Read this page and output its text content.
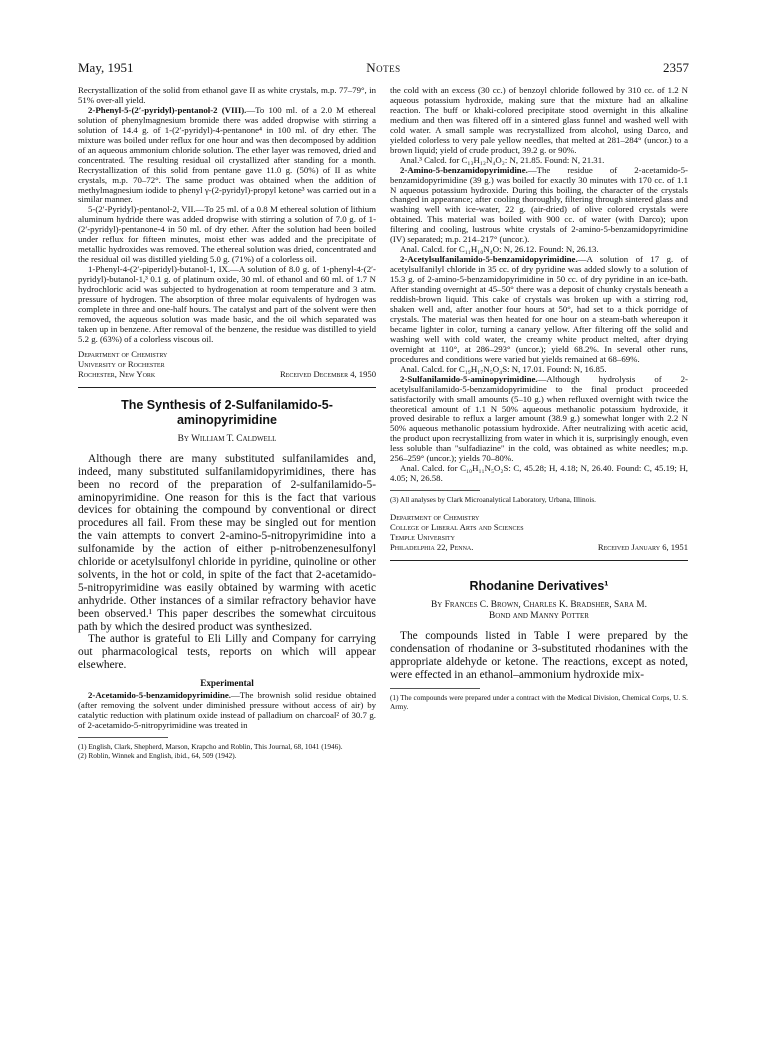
May, 1951	Notes	2357

Recrystallization of the solid from ethanol gave II as white crystals, m.p. 77–79°, in 51% over-all yield.

2-Phenyl-5-(2′-pyridyl)-pentanol-2 (VIII).—To 100 ml. of a 2.0 M ethereal solution of phenylmagnesium bromide there was added dropwise with stirring a solution of 14.4 g. of 1-(2′-pyridyl)-4-pentanone⁴ in 100 ml. of dry ether. The mixture was boiled under reflux for one hour and was then decomposed by addition of an aqueous ammonium chloride solution. The ether layer was removed, dried and concentrated. The resulting residual oil crystallized after standing for a month. Recrystallization of this solid from pentane gave 11.0 g. (50%) of II as white crystals, m.p. 70–72°. The same product was obtained when the addition of methylmagnesium iodide to phenyl γ-(2-pyridyl)-propyl ketone³ was carried out in a similar manner.

5-(2′-Pyridyl)-pentanol-2, VII.—To 25 ml. of a 0.8 M ethereal solution of lithium aluminum hydride there was added dropwise with stirring a solution of 7.0 g. of 1-(2′-pyridyl)-pentanone-4 in 50 ml. of dry ether. After the solution had been boiled under reflux for fifteen minutes, moist ether was added and the precipitate of metallic hydroxides was removed. The ethereal solution was dried, concentrated and the residual oil was distilled yielding 5.0 g. (71%) of a colorless oil.

1-Phenyl-4-(2′-piperidyl)-butanol-1, IX.—A solution of 8.0 g. of 1-phenyl-4-(2′-pyridyl)-butanol-1,³ 0.1 g. of platinum oxide, 30 ml. of ethanol and 60 ml. of 1.7 N hydrochloric acid was subjected to hydrogenation at room temperature and 3 atm. pressure of hydrogen. The absorption of three molar equivalents of hydrogen was complete in three and one-half hours. The catalyst and part of the solvent were then removed, the aqueous solution was made basic, and the oil which separated was taken up in benzene. After removal of the benzene, the residue was distilled to yield 5.2 g. (63%) of a colorless viscous oil.

Department of Chemistry

University of Rochester

Rochester, New York	Received December 4, 1950
The Synthesis of 2-Sulfanilamido-5-aminopyrimidine
By William T. Caldwell

Although there are many substituted sulfanilamides and, indeed, many substituted sulfanilamidopyrimidines, there has been no record of the preparation of 2-sulfanilamido-5-aminopyrimidine. One reason for this is the fact that various devices for obtaining the compound by conventional or direct procedures all fail. From these may be singled out for mention the vain attempts to convert 2-amino-5-nitropyrimidine into a sulfonamide by the action of either p-nitrobenzenesulfonyl chloride or acetylsulfonyl chloride in pyridine, quinoline or other solvents, in the hot or cold, in spite of the fact that 2-acetamido-5-nitropyrimidine was easily obtained by warming with acetic anhydride. Other instances of a similar refractory behavior have been observed.¹ This paper describes the somewhat circuitous path by which the desired product was synthesized.

The author is grateful to Eli Lilly and Company for carrying out pharmacological tests, reports on which will appear elsewhere.

Experimental

2-Acetamido-5-benzamidopyrimidine.—The brownish solid residue obtained (after removing the solvent under diminished pressure without access of air) by catalytic reduction with platinum oxide instead of palladium on charcoal² of 30.7 g. of 2-acetamido-5-nitropyrimidine was treated in

(1) English, Clark, Shepherd, Marson, Krapcho and Roblin, This Journal, 68, 1041 (1946).

(2) Roblin, Winnek and English, ibid., 64, 509 (1942).

the cold with an excess (30 cc.) of benzoyl chloride followed by 310 cc. of 1.2 N aqueous potassium hydroxide, making sure that the mixture had an alkaline reaction. The buff or khaki-colored precipitate stood overnight in this alkaline medium and then was filtered off in a sintered glass funnel and washed well with cold water. A small sample was recrystallized from alcohol, using Darco, and yielded colorless to very pale yellow needles, that melted at 281–284° (uncor.) to a brown liquid; yield of crude product, 39.2 g. or 90%.

Anal.³ Calcd. for C₁₃H₁₂N₄O₂: N, 21.85. Found: N, 21.31.

2-Amino-5-benzamidopyrimidine.—The residue of 2-acetamido-5-benzamidopyrimidine (39 g.) was boiled for exactly 30 minutes with 170 cc. of 1.1 N aqueous potassium hydroxide. During this boiling, the character of the crystals changed in appearance; after cooling thoroughly, filtering through sintered glass and washing well with ice-water, 22 g. (air-dried) of olive colored crystals were obtained. This material was boiled with 900 cc. of water (with Darco); upon filtering and cooling, lustrous white crystals of 2-amino-5-benzamidopyrimidine (IV) separated; m.p. 214–217° (uncor.).

Anal. Calcd. for C₁₁H₁₀N₄O: N, 26.12. Found: N, 26.13.

2-Acetylsulfanilamido-5-benzamidopyrimidine.—A solution of 17 g. of acetylsulfanilyl chloride in 35 cc. of dry pyridine was added slowly to a solution of 15.3 g. of 2-amino-5-benzamidopyrimidine in 50 cc. of dry pyridine in an ice-bath. After standing overnight at 45–50° there was a deposit of chunky crystals beneath a reddish-brown liquid. This cake of crystals was broken up with a stirring rod, shaken well and, after another four hours at 50°, had set to a thick porridge of crystals. The material was then heated for one hour on a steam-bath whereupon it became lighter in color, turning a canary yellow. After filtering off the solid and washing well with cold water, the creamy white product melted, after drying overnight at 110°, at 286–293° (uncor.); yield 68.2%. In several other runs, procedures and conditions were varied but yields remained at 68–69%.

Anal. Calcd. for C₁₉H₁₇N₅O₄S: N, 17.01. Found: N, 16.85.

2-Sulfanilamido-5-aminopyrimidine.—Although hydrolysis of 2-acetylsulfanilamido-5-benzamidopyrimidine to the final product proceeded satisfactorily with small amounts (5–10 g.) when refluxed overnight with twice the theoretical amount of 1.1 N 50% aqueous methanolic potassium hydroxide, it proved desirable to reflux a larger amount (38.9 g.) somewhat longer with 2.2 N 50% aqueous methanolic potassium hydroxide. After neutralizing with acetic acid, the product upon recrystallizing from water in which it is, surprisingly enough, even less soluble than "sulfadiazine" in the cold, was obtained as white needles; m.p. 256–259° (uncor.); yields 70–80%.

Anal. Calcd. for C₁₀H₁₁N₅O₂S: C, 45.28; H, 4.18; N, 26.40. Found: C, 45.19; H, 4.05; N, 26.58.

(3) All analyses by Clark Microanalytical Laboratory, Urbana, Illinois.

Department of Chemistry

College of Liberal Arts and Sciences

Temple University

Philadelphia 22, Penna.	Received January 6, 1951
Rhodanine Derivatives¹
By Frances C. Brown, Charles K. Bradsher, Sara M.
Bond and Manny Potter

The compounds listed in Table I were prepared by the condensation of rhodanine or 3-substituted rhodanines with the appropriate aldehyde or ketone. The reactions, except as noted, were effected in an ethanol–ammonium hydroxide mix-

(1) The compounds were prepared under a contract with the Medical Division, Chemical Corps, U. S. Army.
